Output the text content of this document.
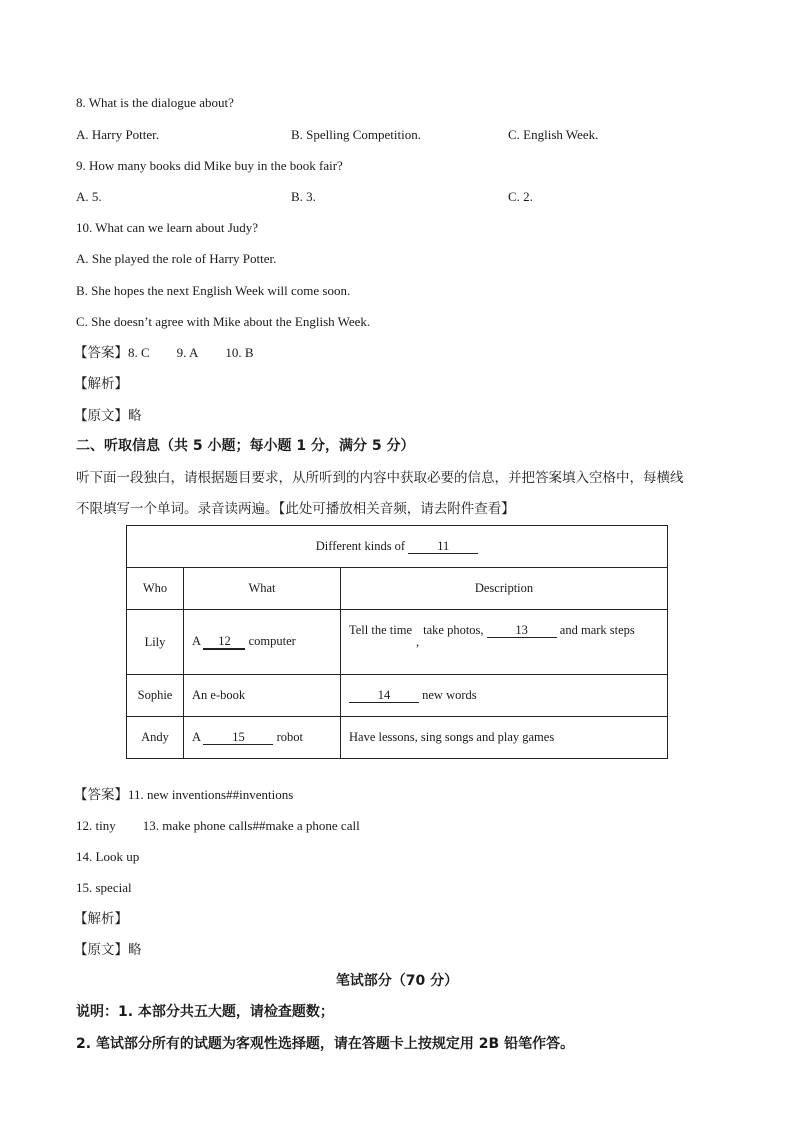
8. What is the dialogue about?
A. Harry Potter.	B. Spelling Competition.	C. English Week.
9. How many books did Mike buy in the book fair?
A. 5.	B. 3.	C. 2.
10. What can we learn about Judy?
A. She played the role of Harry Potter.
B. She hopes the next English Week will come soon.
C. She doesn’t agree with Mike about the English Week.
【答案】8. C 9. A 10. B
【解析】
【原文】略
二、听取信息（共 5 小题；每小题 1 分，满分 5 分）
听下面一段独白，请根据题目要求，从所听到的内容中获取必要的信息，并把答案填入空格中，每横线
不限填写一个单词。录音读两遍。【此处可播放相关音频，请去附件查看】
Different kinds of 11		
Who	What	Description
Lily	A 12 computer	Tell the time,take photos, 13 and mark steps
Sophie	An e-book	14 new words
Andy	A 15 robot	Have lessons, sing songs and play games
【答案】11. new inventions##inventions
12. tiny 13. make phone calls##make a phone call
14. Look up
15. special
【解析】
【原文】略
笔试部分（70 分）
说明：1. 本部分共五大题，请检查题数；
2. 笔试部分所有的试题为客观性选择题，请在答题卡上按规定用 2B 铅笔作答。
